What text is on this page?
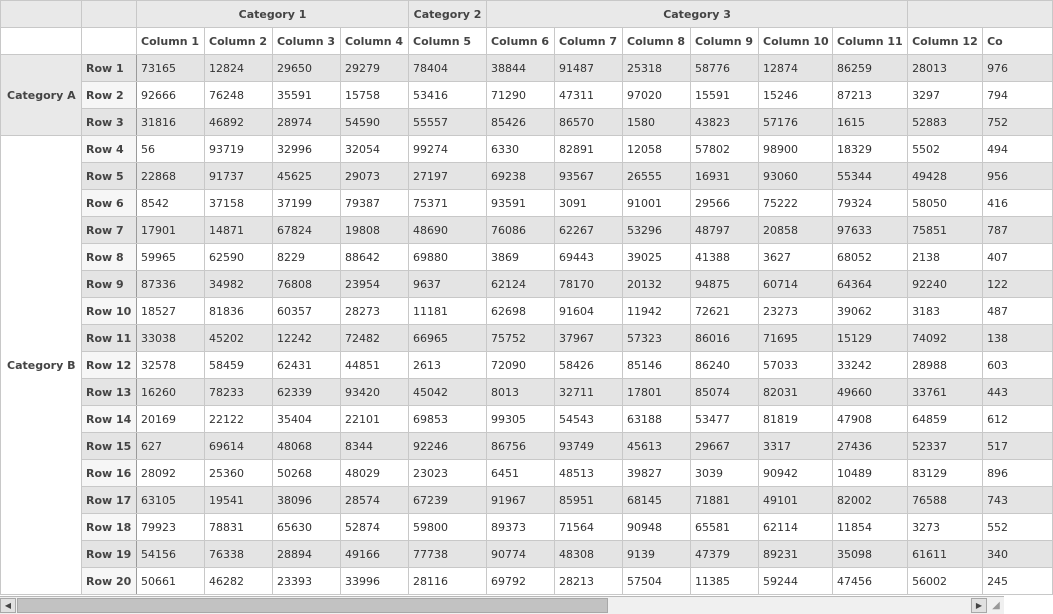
		Category 1				Category 2	Category 3							
		Column 1	Column 2	Column 3	Column 4	Column 5	Column 6	Column 7	Column 8	Column 9	Column 10	Column 11	Column 12	Co
Category A	Row 1	73165	12824	29650	29279	78404	38844	91487	25318	58776	12874	86259	28013	976
	Row 2	92666	76248	35591	15758	53416	71290	47311	97020	15591	15246	87213	3297	794
	Row 3	31816	46892	28974	54590	55557	85426	86570	1580	43823	57176	1615	52883	752
Category B	Row 4	56	93719	32996	32054	99274	6330	82891	12058	57802	98900	18329	5502	494
	Row 5	22868	91737	45625	29073	27197	69238	93567	26555	16931	93060	55344	49428	956
	Row 6	8542	37158	37199	79387	75371	93591	3091	91001	29566	75222	79324	58050	416
	Row 7	17901	14871	67824	19808	48690	76086	62267	53296	48797	20858	97633	75851	787
	Row 8	59965	62590	8229	88642	69880	3869	69443	39025	41388	3627	68052	2138	407
	Row 9	87336	34982	76808	23954	9637	62124	78170	20132	94875	60714	64364	92240	122
	Row 10	18527	81836	60357	28273	11181	62698	91604	11942	72621	23273	39062	3183	487
	Row 11	33038	45202	12242	72482	66965	75752	37967	57323	86016	71695	15129	74092	138
	Row 12	32578	58459	62431	44851	2613	72090	58426	85146	86240	57033	33242	28988	603
	Row 13	16260	78233	62339	93420	45042	8013	32711	17801	85074	82031	49660	33761	443
	Row 14	20169	22122	35404	22101	69853	99305	54543	63188	53477	81819	47908	64859	612
	Row 15	627	69614	48068	8344	92246	86756	93749	45613	29667	3317	27436	52337	517
	Row 16	28092	25360	50268	48029	23023	6451	48513	39827	3039	90942	10489	83129	896
	Row 17	63105	19541	38096	28574	67239	91967	85951	68145	71881	49101	82002	76588	743
	Row 18	79923	78831	65630	52874	59800	89373	71564	90948	65581	62114	11854	3273	552
	Row 19	54156	76338	28894	49166	77738	90774	48308	9139	47379	89231	35098	61611	340
	Row 20	50661	46282	23393	33996	28116	69792	28213	57504	11385	59244	47456	56002	245
◀	▶	◢
